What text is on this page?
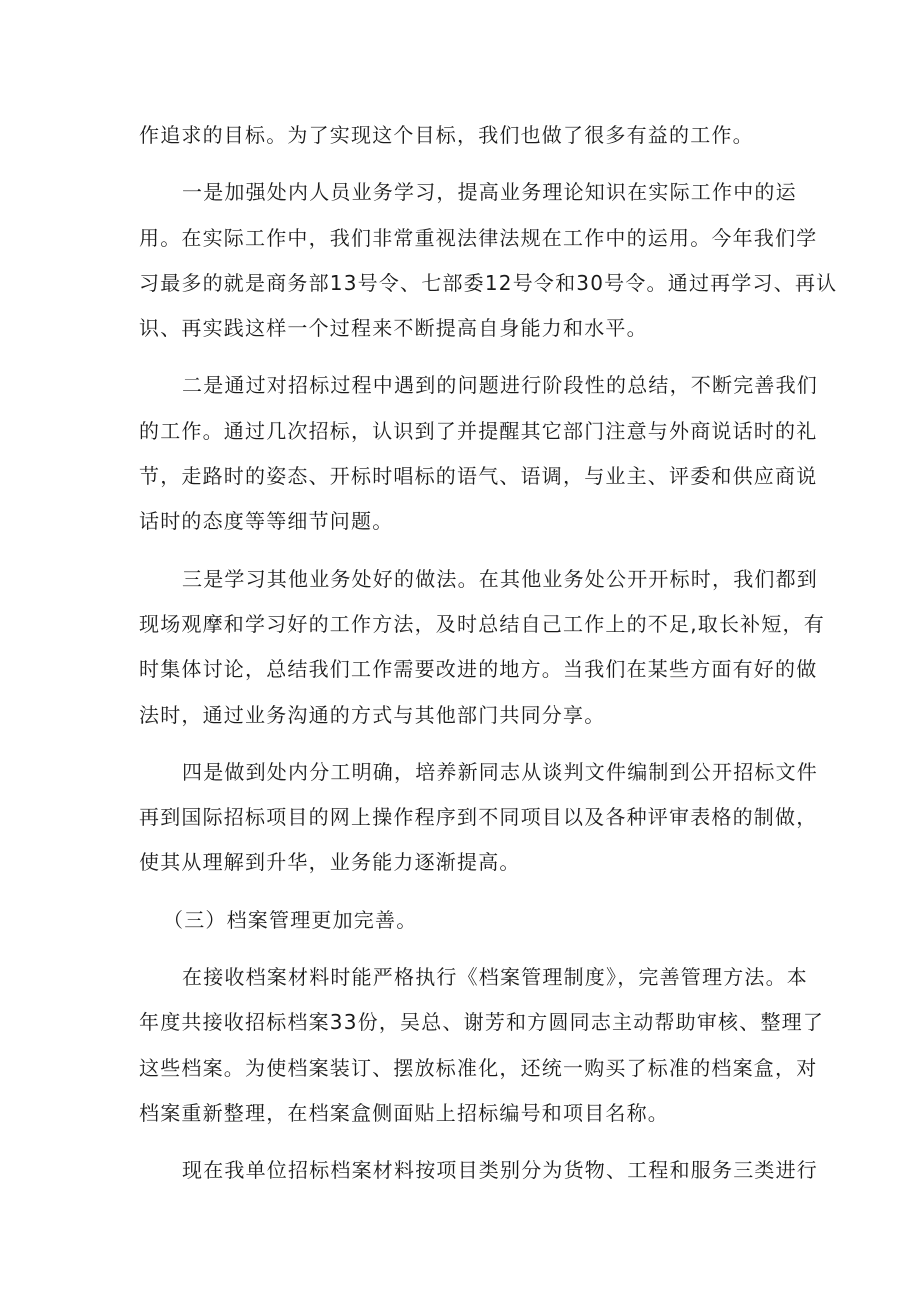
作追求的目标。为了实现这个目标，我们也做了很多有益的工作。
一是加强处内人员业务学习，提高业务理论知识在实际工作中的运
用。在实际工作中，我们非常重视法律法规在工作中的运用。今年我们学
习最多的就是商务部13号令、七部委12号令和30号令。通过再学习、再认
识、再实践这样一个过程来不断提高自身能力和水平。
二是通过对招标过程中遇到的问题进行阶段性的总结，不断完善我们
的工作。通过几次招标，认识到了并提醒其它部门注意与外商说话时的礼
节，走路时的姿态、开标时唱标的语气、语调，与业主、评委和供应商说
话时的态度等等细节问题。
三是学习其他业务处好的做法。在其他业务处公开开标时，我们都到
现场观摩和学习好的工作方法，及时总结自己工作上的不足,取长补短，有
时集体讨论，总结我们工作需要改进的地方。当我们在某些方面有好的做
法时，通过业务沟通的方式与其他部门共同分享。
四是做到处内分工明确，培养新同志从谈判文件编制到公开招标文件
再到国际招标项目的网上操作程序到不同项目以及各种评审表格的制做，
使其从理解到升华，业务能力逐渐提高。
（三）档案管理更加完善。
在接收档案材料时能严格执行《档案管理制度》，完善管理方法。本
年度共接收招标档案33份，吴总、谢芳和方圆同志主动帮助审核、整理了
这些档案。为使档案装订、摆放标准化，还统一购买了标准的档案盒，对
档案重新整理，在档案盒侧面贴上招标编号和项目名称。
现在我单位招标档案材料按项目类别分为货物、工程和服务三类进行
